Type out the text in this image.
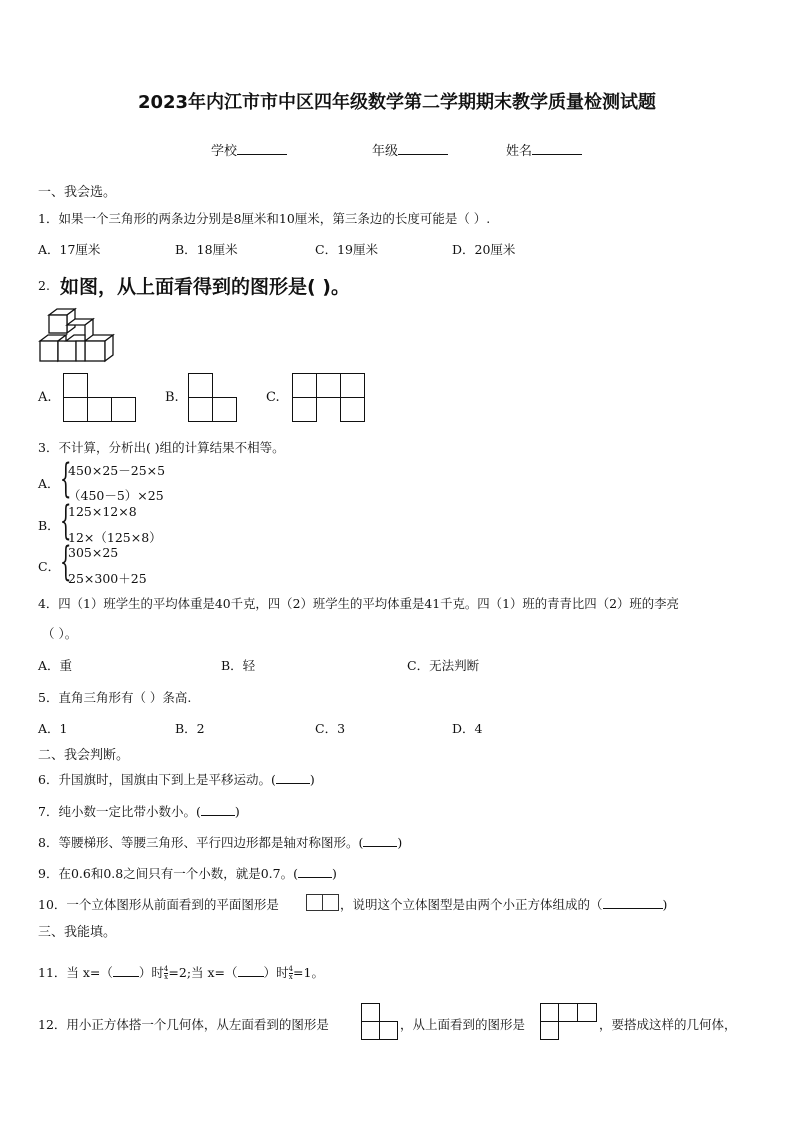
2023年内江市市中区四年级数学第二学期期末教学质量检测试题
学校	年级	姓名
一、我会选。
1．如果一个三角形的两条边分别是8厘米和10厘米，第三条边的长度可能是（ ）.
A．17厘米	B．18厘米	C．19厘米	D．20厘米
2. 如图，从上面看得到的图形是( )。
A.	B.	C.
3．不计算，分析出( )组的计算结果不相等。
A． {
450×25－25×5
（450－5）×25
B． {
125×12×8
12×（125×8）
C． {
305×25
25×300＋25
4．四（1）班学生的平均体重是40千克，四（2）班学生的平均体重是41千克。四（1）班的青青比四（2）班的李亮
（ ）。
A．重	B．轻	C．无法判断
5．直角三角形有（ ）条高.
A．1	B．2	C．3	D．4
二、我会判断。
6．升国旗时，国旗由下到上是平移运动。(	)
7．纯小数一定比带小数小。(	)
8．等腰梯形、等腰三角形、平行四边形都是轴对称图形。(	)
9．在0.6和0.8之间只有一个小数，就是0.7。(	)
10．一个立体图形从前面看到的平面图形是	，说明这个立体图型是由两个小正方体组成的（	)
三、我能填。
11．当 x=（ ）时 $\frac{4}{x} =2$;当 x=（ ）时 $\frac{4}{x} =1$。
12．用小正方体搭一个几何体，从左面看到的图形是	，从上面看到的图形是	，要搭成这样的几何体，
